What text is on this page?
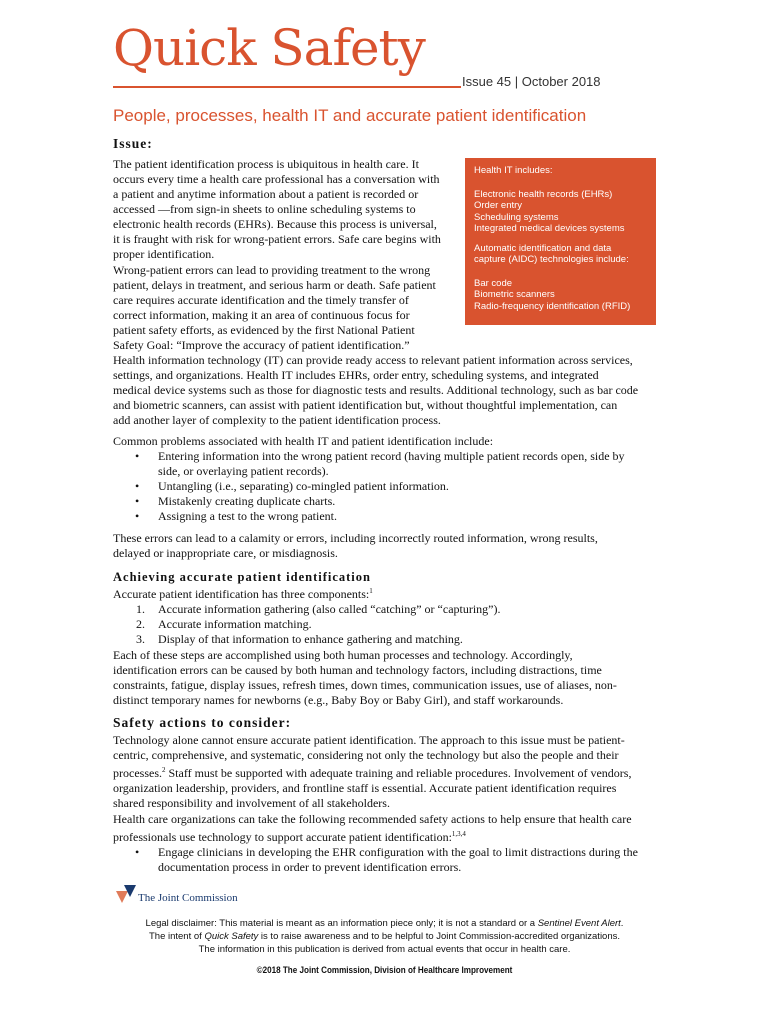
Quick Safety
Issue 45 | October 2018
People, processes, health IT and accurate patient identification
Issue:
The patient identification process is ubiquitous in health care. It
occurs every time a health care professional has a conversation with
a patient and anytime information about a patient is recorded or
accessed —from sign-in sheets to online scheduling systems to
electronic health records (EHRs). Because this process is universal,
it is fraught with risk for wrong-patient errors. Safe care begins with
proper identification.
Wrong-patient errors can lead to providing treatment to the wrong
patient, delays in treatment, and serious harm or death. Safe patient
care requires accurate identification and the timely transfer of
correct information, making it an area of continuous focus for
patient safety efforts, as evidenced by the first National Patient
Safety Goal: “Improve the accuracy of patient identification.”
Health IT includes:
Electronic health records (EHRs)
Order entry
Scheduling systems
Integrated medical devices systems
Automatic identification and data
capture (AIDC) technologies include:
Bar code
Biometric scanners
Radio-frequency identification (RFID)
Health information technology (IT) can provide ready access to relevant patient information across services,
settings, and organizations. Health IT includes EHRs, order entry, scheduling systems, and integrated
medical device systems such as those for diagnostic tests and results. Additional technology, such as bar code
and biometric scanners, can assist with patient identification but, without thoughtful implementation, can
add another layer of complexity to the patient identification process.
Common problems associated with health IT and patient identification include:
• Entering information into the wrong patient record (having multiple patient records open, side by
side, or overlaying patient records).
• Untangling (i.e., separating) co-mingled patient information.
• Mistakenly creating duplicate charts.
• Assigning a test to the wrong patient.
These errors can lead to a calamity or errors, including incorrectly routed information, wrong results,
delayed or inappropriate care, or misdiagnosis.
Achieving accurate patient identification
Accurate patient identification has three components:$^1$
1. Accurate information gathering (also called “catching” or “capturing”).
2. Accurate information matching.
3. Display of that information to enhance gathering and matching.
Each of these steps are accomplished using both human processes and technology. Accordingly,
identification errors can be caused by both human and technology factors, including distractions, time
constraints, fatigue, display issues, refresh times, down times, communication issues, use of aliases, non-
distinct temporary names for newborns (e.g., Baby Boy or Baby Girl), and staff workarounds.
Safety actions to consider:
Technology alone cannot ensure accurate patient identification. The approach to this issue must be patient-
centric, comprehensive, and systematic, considering not only the technology but also the people and their
processes.$^2$ Staff must be supported with adequate training and reliable procedures. Involvement of vendors,
organization leadership, providers, and frontline staff is essential. Accurate patient identification requires
shared responsibility and involvement of all stakeholders.
Health care organizations can take the following recommended safety actions to help ensure that health care
professionals use technology to support accurate patient identification:$^{1,3,4}$
• Engage clinicians in developing the EHR configuration with the goal to limit distractions during the
documentation process in order to prevent identification errors.
The Joint Commission
Legal disclaimer: This material is meant as an information piece only; it is not a standard or a Sentinel Event Alert.
The intent of Quick Safety is to raise awareness and to be helpful to Joint Commission-accredited organizations.
The information in this publication is derived from actual events that occur in health care.
©2018 The Joint Commission, Division of Healthcare Improvement
